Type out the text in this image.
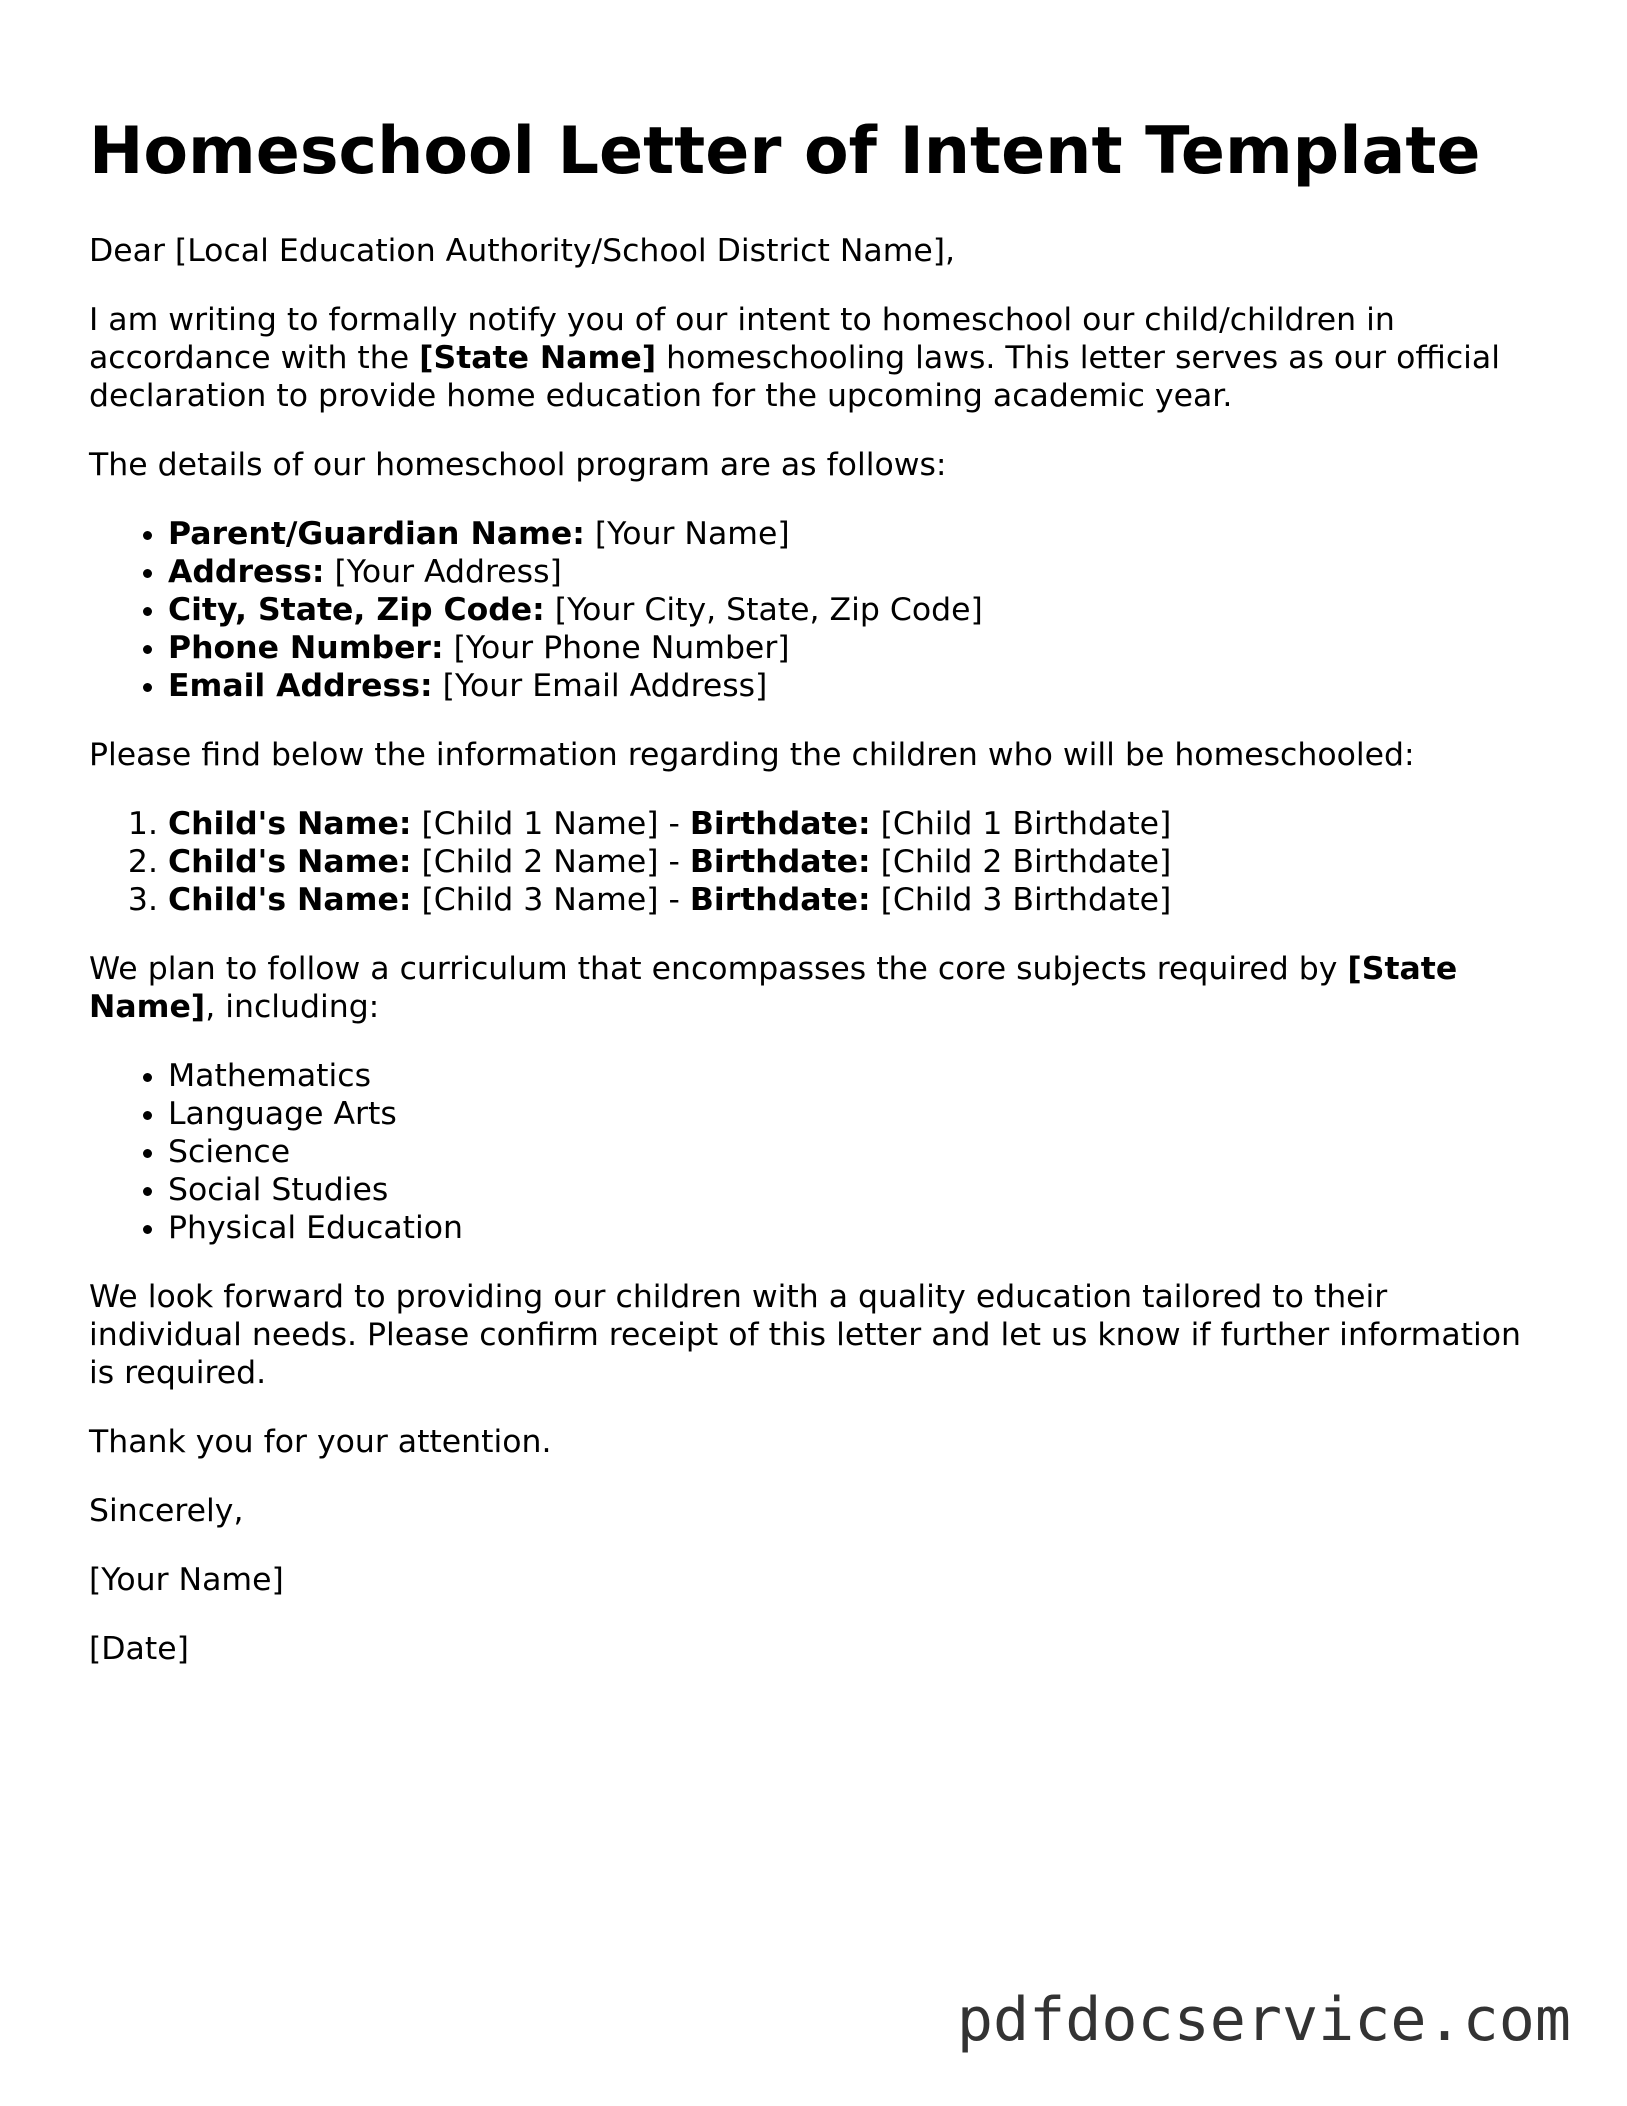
Homeschool Letter of Intent Template

Dear [Local Education Authority/School District Name],

I am writing to formally notify you of our intent to homeschool our child/children in accordance with the [State Name] homeschooling laws. This letter serves as our official declaration to provide home education for the upcoming academic year.

The details of our homeschool program are as follows:

• Parent/Guardian Name: [Your Name]
• Address: [Your Address]
• City, State, Zip Code: [Your City, State, Zip Code]
• Phone Number: [Your Phone Number]
• Email Address: [Your Email Address]

Please find below the information regarding the children who will be homeschooled:

1. Child's Name: [Child 1 Name] - Birthdate: [Child 1 Birthdate]
2. Child's Name: [Child 2 Name] - Birthdate: [Child 2 Birthdate]
3. Child's Name: [Child 3 Name] - Birthdate: [Child 3 Birthdate]

We plan to follow a curriculum that encompasses the core subjects required by [State Name], including:

• Mathematics
• Language Arts
• Science
• Social Studies
• Physical Education

We look forward to providing our children with a quality education tailored to their individual needs. Please confirm receipt of this letter and let us know if further information is required.

Thank you for your attention.

Sincerely,

[Your Name]

[Date]

pdfdocservice.com
